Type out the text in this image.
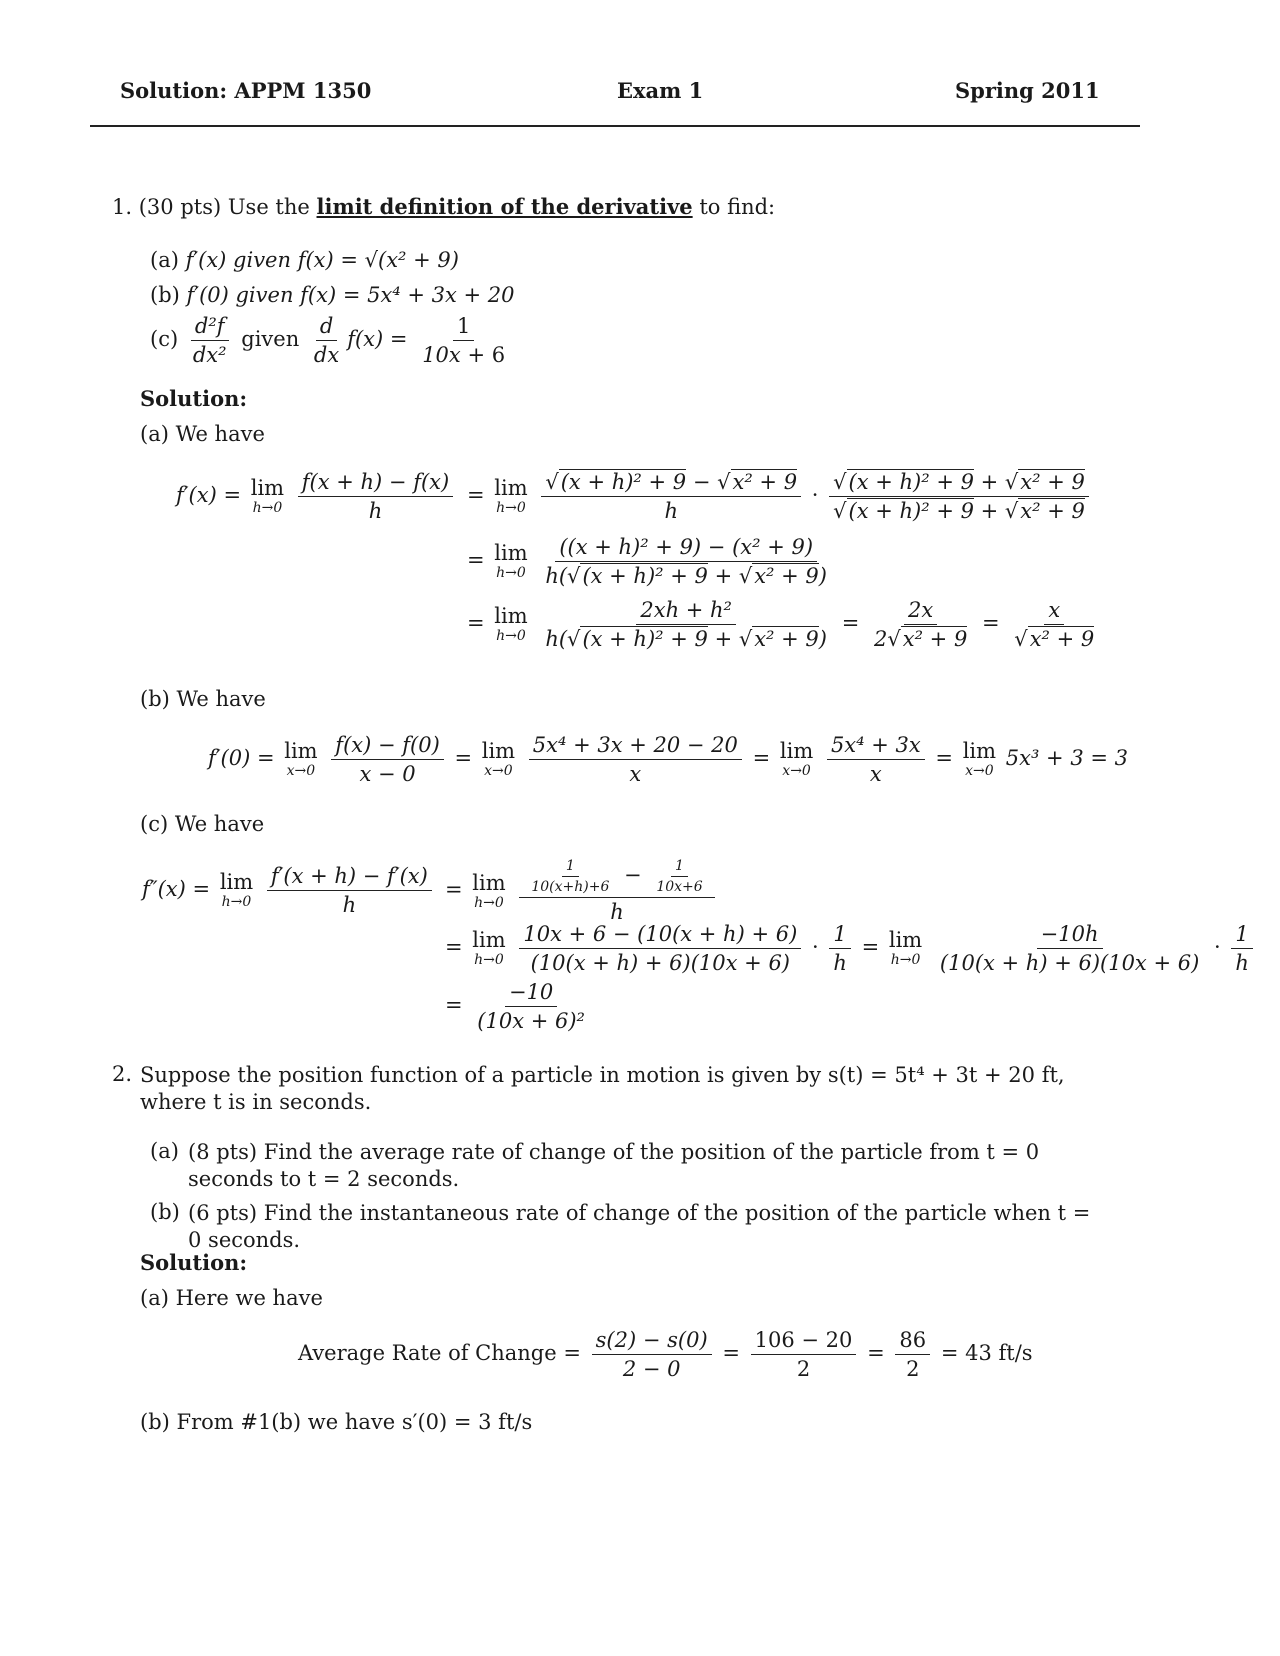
Solution: APPM 1350	Exam 1	Spring 2011
1. (30 pts) Use the limit definition of the derivative to find:
(a) f′(x) given f(x) = √(x² + 9)
(b) f′(0) given f(x) = 5x⁴ + 3x + 20
$(c) \frac{\text{d²f}}{\text{dx²}}$ given $\frac{d}{dx} f(x) = \frac{1}{10x + 6}$
Solution:
(a) We have
f′(x) = lim
h→0
$\frac{f(x + h) - f(x)}{h} = \lim$
h→0
$\frac{\text{√(x + h)² + 9 − √x² + 9}}{h} \cdot \frac{\text{√(x + h)² + 9 + √x² + 9}}{\text{√(x + h)² + 9 + √x² + 9}}$
= lim
h→0
$\frac{\text{((x + h)² + 9) − (x² + 9)}}{\text{h(√(x + h)² + 9 + √x² + 9)}}$
= lim
h→0
$\frac{\text{2xh + h²}}{\text{h(√(x + h)² + 9 + √x² + 9)}} = \frac{2x}{\text{2√x² + 9}} = \frac{x}{\text{√x² + 9}}$
(b) We have
f′(0) = lim
x→0
$\frac{f(x) - f(0)}{x - 0} = \lim$
x→0
$\frac{\text{5x⁴ + 3x + 20 − 20}}{x} = \lim$
x→0
$\frac{\text{5x⁴ + 3x}}{x} = \lim$
x→0
5x³ + 3 = 3
(c) We have
f″(x) = lim
h→0
$\frac{f'(x + h) - f'(x)}{h} = \lim$
h→0
$\frac{\frac{1}{10(x+h)+6} - \frac{1}{10x+6}}{h}$
= lim
h→0
$\frac{10x + 6 - (10(x + h) + 6)}{(10(x + h) + 6)(10x + 6)} \cdot \frac{1}{h} = \lim$
h→0
$\frac{-10h}{(10(x + h) + 6)(10x + 6)} \cdot \frac{1}{h}$
= $\frac{-10}{\text{(10x + 6)²}}$
2. Suppose the position function of a particle in motion is given by s(t) = 5t⁴ + 3t + 20 ft, where t is in seconds.
(a) (8 pts) Find the average rate of change of the position of the particle from t = 0 seconds to t = 2 seconds.
(b) (6 pts) Find the instantaneous rate of change of the position of the particle when t = 0 seconds.
Solution:
(a) Here we have
Average Rate of Change = $\frac{s(2) - s(0)}{2 - 0} = \frac{106 - 20}{2} = \frac{86}{2} = 43$ ft/s
(b) From #1(b) we have s′(0) = 3 ft/s
